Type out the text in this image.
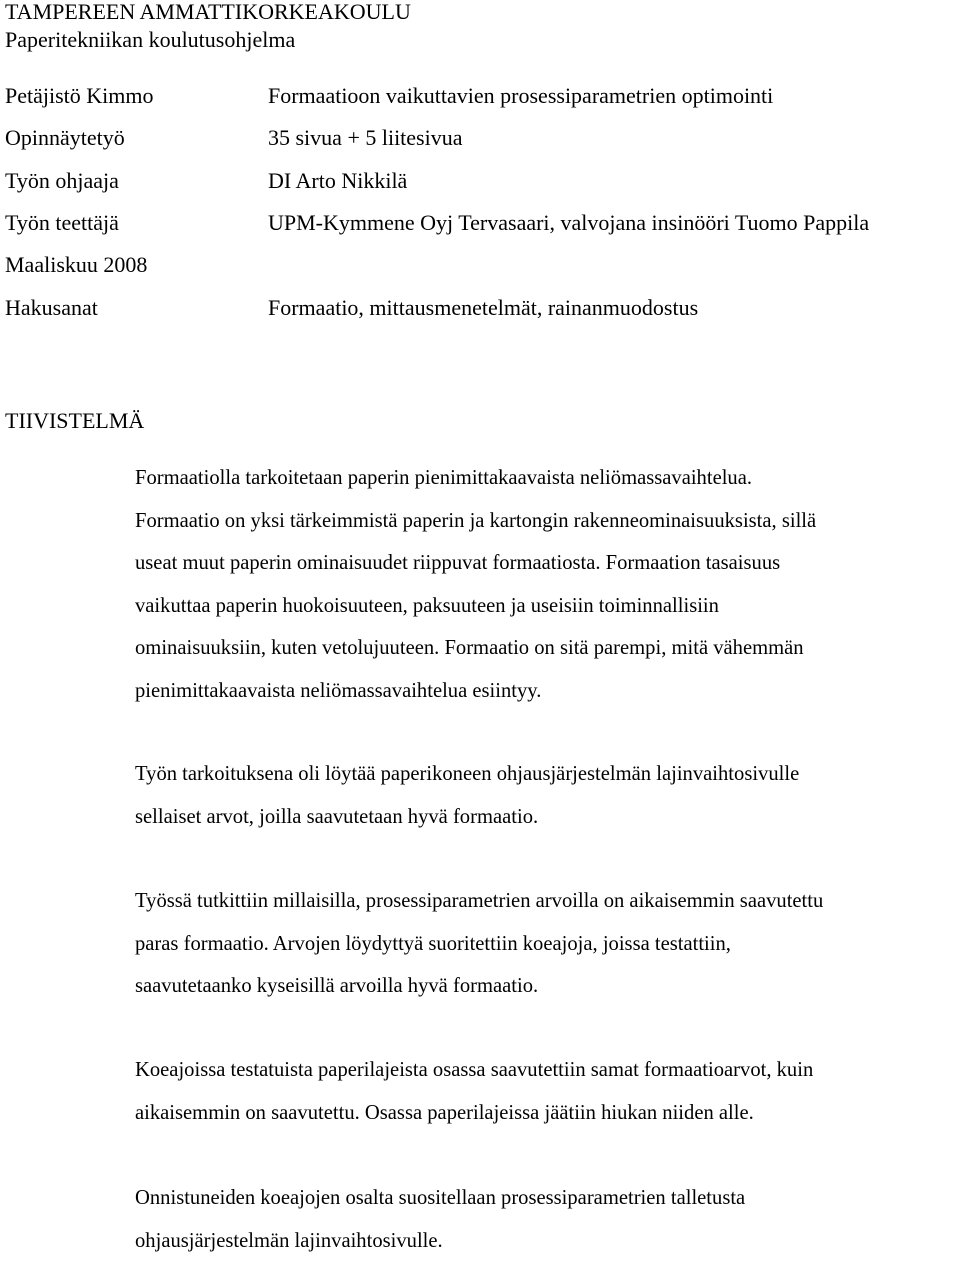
TAMPEREEN AMMATTIKORKEAKOULU
Paperitekniikan koulutusohjelma
Petäjistö Kimmo	Formaatioon vaikuttavien prosessiparametrien optimointi
Opinnäytetyö	35 sivua + 5 liitesivua
Työn ohjaaja	DI Arto Nikkilä
Työn teettäjä	UPM-Kymmene Oyj Tervasaari, valvojana insinööri Tuomo Pappila
Maaliskuu 2008
Hakusanat	Formaatio, mittausmenetelmät, rainanmuodostus
TIIVISTELMÄ
Formaatiolla tarkoitetaan paperin pienimittakaavaista neliömassavaihtelua.
Formaatio on yksi tärkeimmistä paperin ja kartongin rakenneominaisuuksista, sillä
useat muut paperin ominaisuudet riippuvat formaatiosta. Formaation tasaisuus
vaikuttaa paperin huokoisuuteen, paksuuteen ja useisiin toiminnallisiin
ominaisuuksiin, kuten vetolujuuteen. Formaatio on sitä parempi, mitä vähemmän
pienimittakaavaista neliömassavaihtelua esiintyy.
Työn tarkoituksena oli löytää paperikoneen ohjausjärjestelmän lajinvaihtosivulle
sellaiset arvot, joilla saavutetaan hyvä formaatio.
Työssä tutkittiin millaisilla, prosessiparametrien arvoilla on aikaisemmin saavutettu
paras formaatio. Arvojen löydyttyä suoritettiin koeajoja, joissa testattiin,
saavutetaanko kyseisillä arvoilla hyvä formaatio.
Koeajoissa testatuista paperilajeista osassa saavutettiin samat formaatioarvot, kuin
aikaisemmin on saavutettu. Osassa paperilajeissa jäätiin hiukan niiden alle.
Onnistuneiden koeajojen osalta suositellaan prosessiparametrien talletusta
ohjausjärjestelmän lajinvaihtosivulle.
